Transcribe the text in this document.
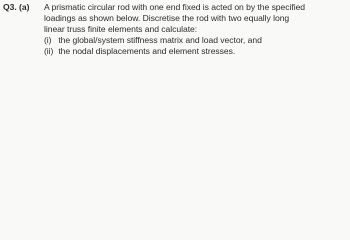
Q3. (a) A prismatic circular rod with one end fixed is acted on by the specified
loadings as shown below. Discretise the rod with two equally long
linear truss finite elements and calculate:
(i) the global/system stiffness matrix and load vector, and
(ii) the nodal displacements and element stresses.
